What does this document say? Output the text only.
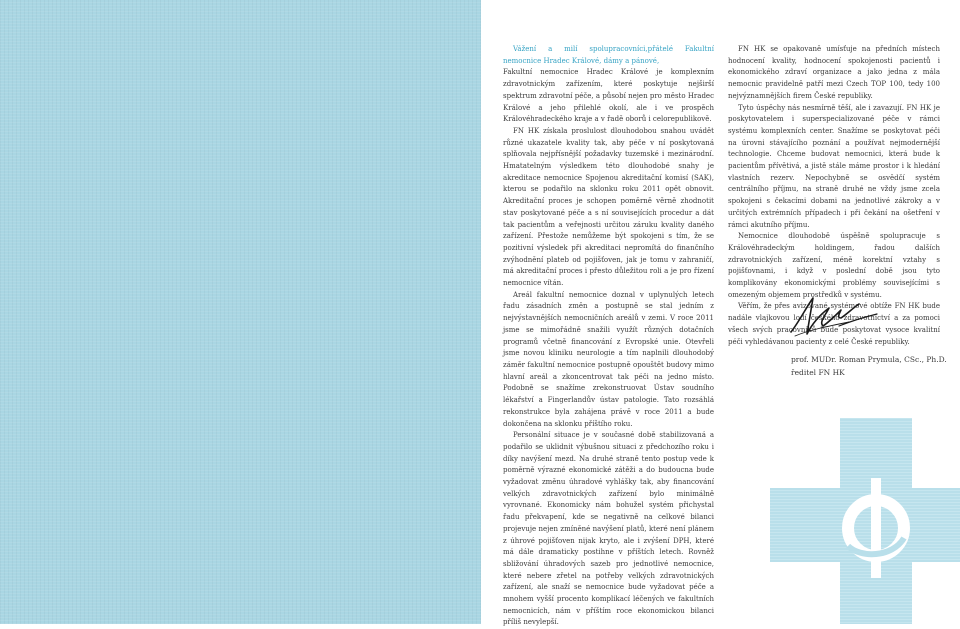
Vážení a milí spolupracovníci,přátelé Fakultní nemocnice Hradec Králové, dámy a pánové,

Fakultní nemocnice Hradec Králové je komplexním zdravotnickým zařízením, které poskytuje nejširší spektrum zdravotní péče, a působí nejen pro město Hradec Králové a jeho přilehlé okolí, ale i ve prospěch Královéhradeckého kraje a v řadě oborů i celorepublikově.

FN HK získala proslulost dlouhodobou snahou uvádět různé ukazatele kvality tak, aby péče v ní poskytovaná splňovala nejpřísnější požadavky tuzemské i mezinárodní. Hmatatelným výsledkem této dlouhodobé snahy je akreditace nemocnice Spojenou akreditační komisí (SAK), kterou se podařilo na sklonku roku 2011 opět obnovit. Akreditační proces je schopen poměrně věrně zhodnotit stav poskytované péče a s ní souvisejících procedur a dát tak pacientům a veřejnosti určitou záruku kvality daného zařízení. Přestože nemůžeme být spokojeni s tím, že se pozitivní výsledek při akreditaci nepromítá do finančního zvýhodnění plateb od pojišťoven, jak je tomu v zahraničí, má akreditační proces i přesto důležitou roli a je pro řízení nemocnice vítán.

Areál fakultní nemocnice doznal v uplynulých letech řadu zásadních změn a postupně se stal jedním z nejvýstavnějších nemocničních areálů v zemi. V roce 2011 jsme se mimořádně snažili využít různých dotačních programů včetně financování z Evropské unie. Otevřeli jsme novou kliniku neurologie a tím naplnili dlouhodobý záměr fakultní nemocnice postupně opouštět budovy mimo hlavní areál a zkoncentrovat tak péči na jedno místo. Podobně se snažíme zrekonstruovat Ústav soudního lékařství a Fingerlandův ústav patologie. Tato rozsáhlá rekonstrukce byla zahájena právě v roce 2011 a bude dokončena na sklonku příštího roku.

Personální situace je v současné době stabilizovaná a podařilo se uklidnit výbušnou situaci z předchozího roku i díky navýšení mezd. Na druhé straně tento postup vede k poměrně výrazné ekonomické zátěži a do budoucna bude vyžadovat změnu úhradové vyhlášky tak, aby financování velkých zdravotnických zařízení bylo minimálně vyrovnané. Ekonomicky nám bohužel systém přichystal řadu překvapení, kde se negativně na celkové bilanci projevuje nejen zmíněné navýšení platů, které není plánem z úhrové pojišťoven nijak kryto, ale i zvýšení DPH, které má dále dramaticky postihne v příštích letech. Rovněž sbližování úhradových sazeb pro jednotlivé nemocnice, které nebere zřetel na potřeby velkých zdravotnických zařízení, ale snaží se nemocnice bude vyžadovat péče a mnohem vyšší procento komplikací léčených ve fakultních nemocnicích, nám v příštím roce ekonomickou bilanci příliš nevylepší.

FN HK se opakovaně umísťuje na předních místech hodnocení kvality, hodnocení spokojenosti pacientů i ekonomického zdraví organizace a jako jedna z mála nemocnic pravidelně patří mezi Czech TOP 100, tedy 100 nejvýznamnějších firem České republiky.

Tyto úspěchy nás nesmírně těší, ale i zavazují. FN HK je poskytovatelem i superspecializované péče v rámci systému komplexních center. Snažíme se poskytovat péči na úrovni stávajícího poznání a používat nejmodernější technologie. Chceme budovat nemocnici, která bude k pacientům přívětivá, a jistě stále máme prostor i k hledání vlastních rezerv. Nepochybně se osvědčí systém centrálního příjmu, na straně druhé ne vždy jsme zcela spokojeni s čekacími dobami na jednotlivé zákroky a v určitých extrémních případech i při čekání na ošetření v rámci akutního příjmu.

Nemocnice dlouhodobě úspěšně spolupracuje s Královéhradeckým holdingem, řadou dalších zdravotnických zařízení, méně korektní vztahy s pojišťovnami, i když v poslední době jsou tyto komplikovány ekonomickými problémy souvisejícími s omezeným objemem prostředků v systému.

Věřím, že přes avizované systémové obtíže FN HK bude nadále vlajkovou lodí českého zdravotnictví a za pomoci všech svých pracovníků bude poskytovat vysoce kvalitní péči vyhledávanou pacienty z celé České republiky.

prof. MUDr. Roman Prymula, CSc., Ph.D.
ředitel FN HK
